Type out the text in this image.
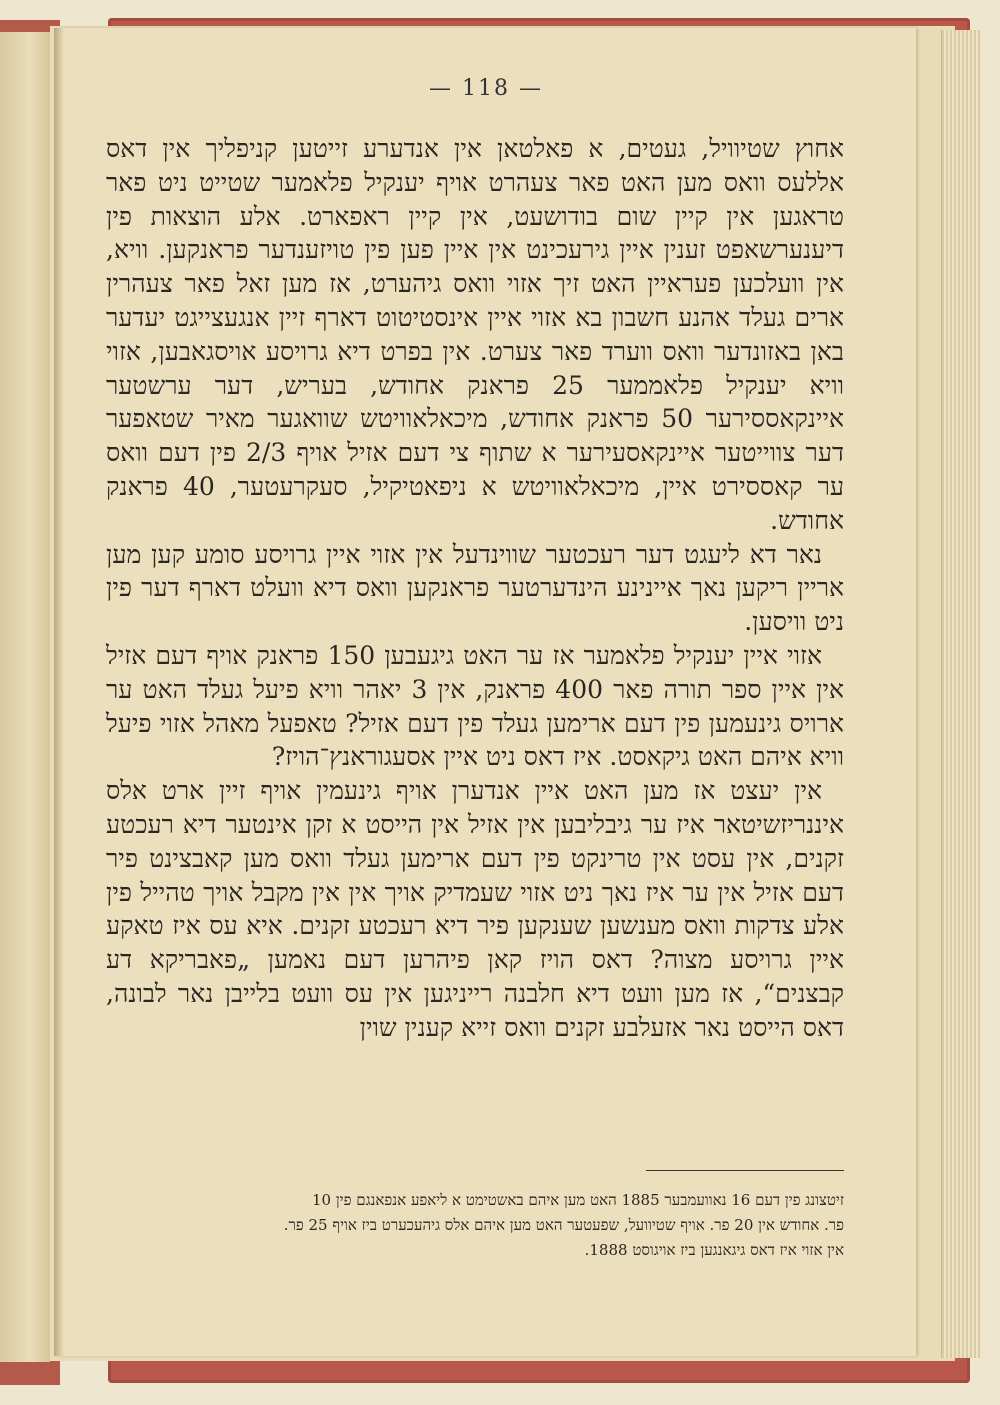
— 118 —

אחוץ שטיוויל, געטים, א פאלטאן אין אנדערע זייטען קניפליך אין דאס אללעס וואס מען האט פאר צעהרט אויף יענקיל פלאמער שטייט ניט פאר טראגען אין קיין שום בודושעט, אין קיין ראפארט. אלע הוצאות פין דיענערשאפט זענין איין גירעכינט אין איין פען פין טויזענדער פראנקען. וויא, אין וועלכען פעראיין האט זיך אזוי וואס גיהערט, אז מען זאל פאר צעהרין ארים געלד אהנע חשבון בא אזוי איין אינסטיטוט דארף זיין אנגעצייגט יעדער באן באזונדער וואס ווערד פאר צערט. אין בפרט דיא גרויסע אויסגאבען, אזוי וויא יענקיל פלאממער 25 פראנק אחודש, בעריש, דער ערשטער איינקאססירער 50 פראנק אחודש, מיכאלאוויטש שוואגער מאיר שטאפער דער צווייטער איינקאסעירער א שתוף צי דעם אזיל אויף 2/3 פין דעם וואס ער קאססירט איין, מיכאלאוויטש א ניפאטיקיל, סעקרעטער, 40 פראנק אחודש.

נאר דא ליעגט דער רעכטער שווינדעל אין אזוי איין גרויסע סומע קען מען אריין ריקען נאך איינינע הינדערטער פראנקען וואס דיא וועלט דארף דער פין ניט וויסען.

אזוי איין יענקיל פלאמער אז ער האט גיגעבען 150 פראנק אויף דעם אזיל אין איין ספר תורה פאר 400 פראנק, אין 3 יאהר וויא פיעל געלד האט ער ארויס גינעמען פין דעם ארימען געלד פין דעם אזיל? טאפעל מאהל אזוי פיעל וויא איהם האט גיקאסט. איז דאס ניט איין אסעגוראנץ־הויז?

אין יעצט אז מען האט איין אנדערן אויף גינעמין אויף זיין ארט אלס איננריזשיטאר איז ער גיבליבען אין אזיל אין הייסט א זקן אינטער דיא רעכטע זקנים, אין עסט אין טרינקט פין דעם ארימען געלד וואס מען קאבצינט פיר דעם אזיל אין ער איז נאך ניט אזוי שעמדיק אויך אין אין מקבל אויך טהייל פין אלע צדקות וואס מענשען שענקען פיר דיא רעכטע זקנים. איא עס איז טאקע איין גרויסע מצוה? דאס הויז קאן פיהרען דעם נאמען „פאבריקא דע קבצנים“, אז מען וועט דיא חלבנה רייניגען אין עס וועט בלייבן נאר לבונה, דאס הייסט נאר אזעלבע זקנים וואס זייא קענין שוין

זיטצונג פין דעם 16 נאוועמבער 1885 האט מען איהם באשטימט א ליאפע אנפאנגם פין 10

פר. אחודש אין 20 פר. אויף שטיוועל, שפעטער האט מען איהם אלס גיהעכערט ביז אויף 25 פר.

אין אזוי איז דאס גיגאנגען ביז אויגוסט 1888.
